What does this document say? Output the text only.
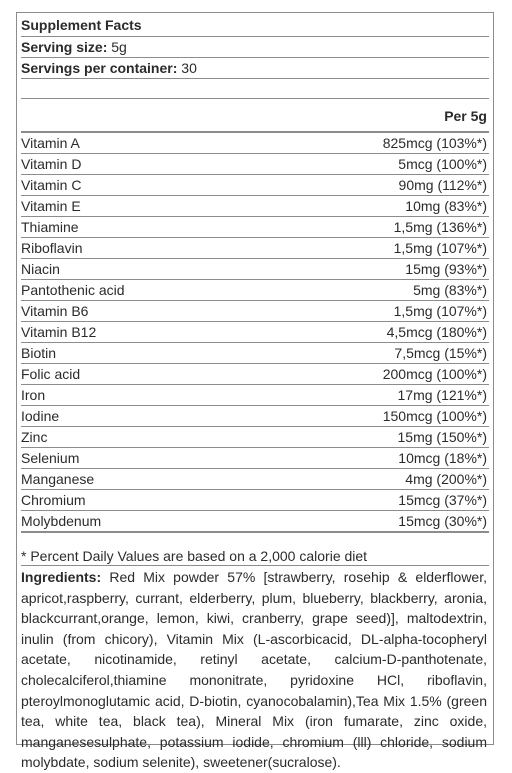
Supplement Facts
Serving size: 5g
Servings per container: 30
Per 5g
Vitamin A	825mcg (103%*)
Vitamin D	5mcg (100%*)
Vitamin C	90mg (112%*)
Vitamin E	10mg (83%*)
Thiamine	1,5mg (136%*)
Riboflavin	1,5mg (107%*)
Niacin	15mg (93%*)
Pantothenic acid	5mg (83%*)
Vitamin B6	1,5mg (107%*)
Vitamin B12	4,5mcg (180%*)
Biotin	7,5mcg (15%*)
Folic acid	200mcg (100%*)
Iron	17mg (121%*)
Iodine	150mcg (100%*)
Zinc	15mg (150%*)
Selenium	10mcg (18%*)
Manganese	4mg (200%*)
Chromium	15mcg (37%*)
Molybdenum	15mcg (30%*)
* Percent Daily Values are based on a 2,000 calorie diet
Ingredients: Red Mix powder 57% [strawberry, rosehip & elderflower, apricot,raspberry, currant, elderberry, plum, blueberry, blackberry, aronia, blackcurrant,orange, lemon, kiwi, cranberry, grape seed)], maltodextrin, inulin (from chicory), Vitamin Mix (L-ascorbicacid, DL-alpha-tocopheryl acetate, nicotinamide, retinyl acetate, calcium-D-panthotenate, cholecalciferol,thiamine mononitrate, pyridoxine HCl, riboflavin, pteroylmonoglutamic acid, D-biotin, cyanocobalamin),Tea Mix 1.5% (green tea, white tea, black tea), Mineral Mix (iron fumarate, zinc oxide, manganesesulphate, potassium iodide, chromium (lll) chloride, sodium molybdate, sodium selenite), sweetener(sucralose).
